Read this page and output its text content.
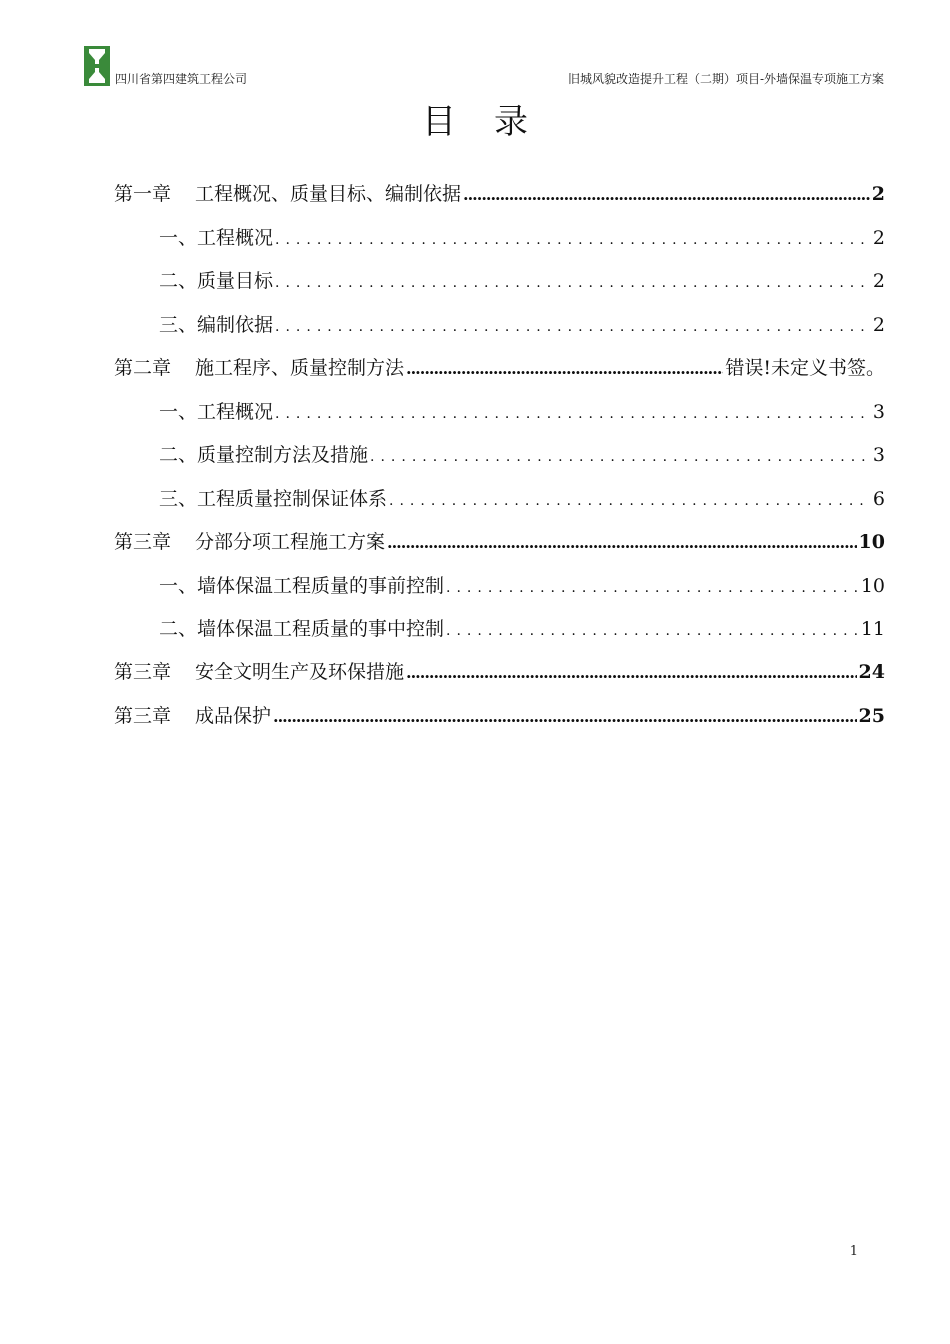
四川省第四建筑工程公司	旧城风貌改造提升工程（二期）项目-外墙保温专项施工方案
目录
第一章 工程概况、质量目标、编制依据 .....	2
一、工程概况 .....	2
二、质量目标 .....	2
三、编制依据 .....	2
第二章 施工程序、质量控制方法 .....	错误!未定义书签。
一、工程概况 .....	3
二、质量控制方法及措施 .....	3
三、工程质量控制保证体系 .....	6
第三章 分部分项工程施工方案 .....	10
一、墙体保温工程质量的事前控制 .....	10
二、墙体保温工程质量的事中控制 .....	11
第三章 安全文明生产及环保措施 .....	24
第三章 成品保护 .....	25
1
